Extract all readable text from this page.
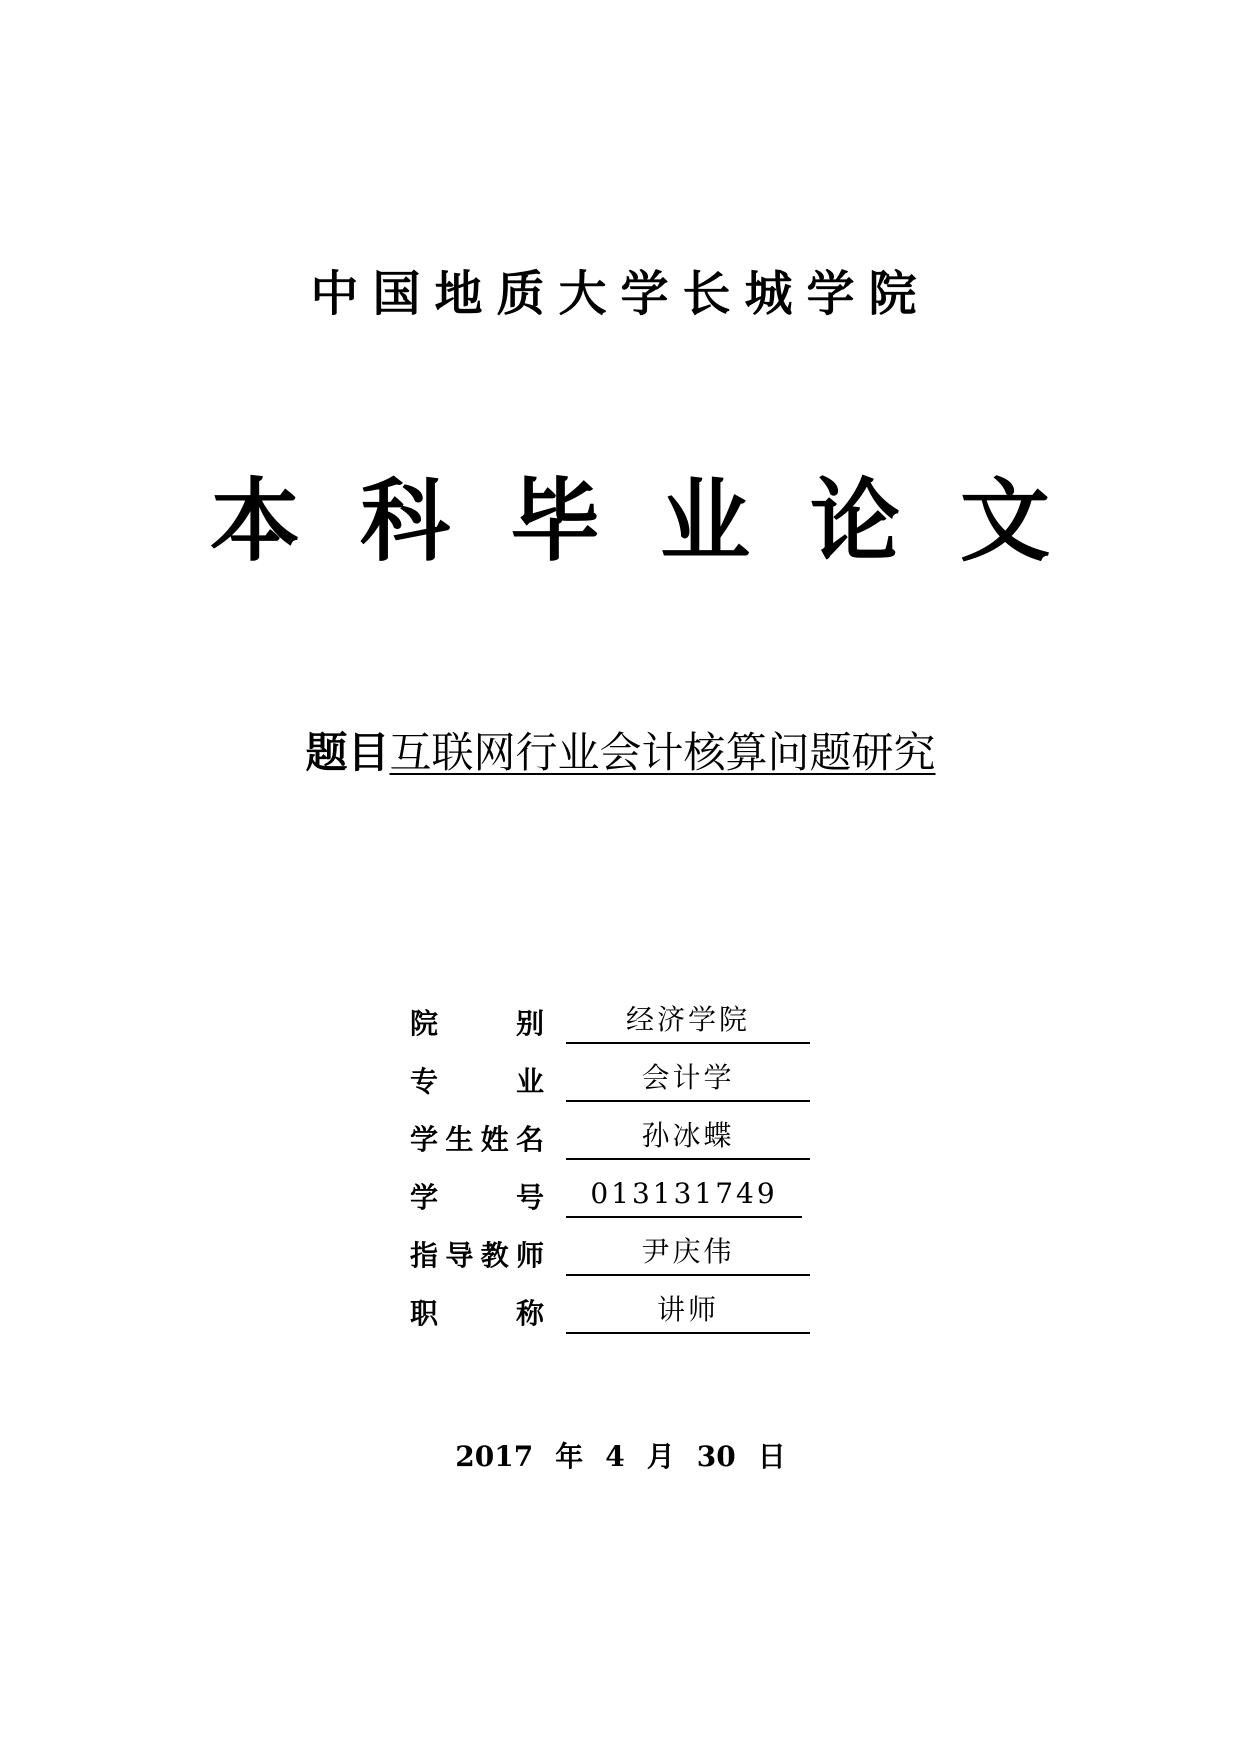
中国地质大学长城学院
本 科 毕 业 论 文
题目互联网行业会计核算问题研究
院	别	经济学院
专	业	会计学
学 生 姓 名	孙冰蝶
学	号	013131749
指 导 教 师	尹庆伟
职	称	讲师
2017 年 4 月 30 日
